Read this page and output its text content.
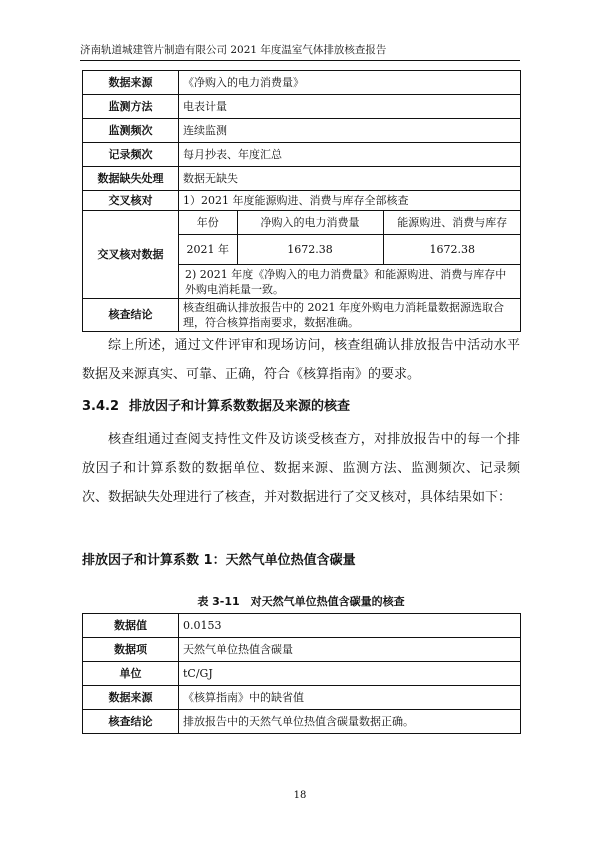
济南轨道城建管片制造有限公司 2021 年度温室气体排放核查报告
数据来源	《净购入的电力消费量》
监测方法	电表计量
监测频次	连续监测
记录频次	每月抄表、年度汇总
数据缺失处理	数据无缺失
交叉核对	1）2021 年度能源购进、消费与库存全部核查
交叉核对数据	
年份	净购入的电力消费量	能源购进、消费与库存
2021 年	1672.38	1672.38
2) 2021 年度《净购入的电力消费量》和能源购进、消费与库存中外购电消耗量一致。

核查结论	核查组确认排放报告中的 2021 年度外购电力消耗量数据源选取合理，符合核算指南要求，数据准确。
综上所述，通过文件评审和现场访问，核查组确认排放报告中活动水平数据及来源真实、可靠、正确，符合《核算指南》的要求。
3.4.2 排放因子和计算系数数据及来源的核查
核查组通过查阅支持性文件及访谈受核查方，对排放报告中的每一个排放因子和计算系数的数据单位、数据来源、监测方法、监测频次、记录频次、数据缺失处理进行了核查，并对数据进行了交叉核对，具体结果如下：
排放因子和计算系数 1：天然气单位热值含碳量
表 3-11　对天然气单位热值含碳量的核查
数据值	0.0153
数据项	天然气单位热值含碳量
单位	tC/GJ
数据来源	《核算指南》中的缺省值
核查结论	排放报告中的天然气单位热值含碳量数据正确。
18
